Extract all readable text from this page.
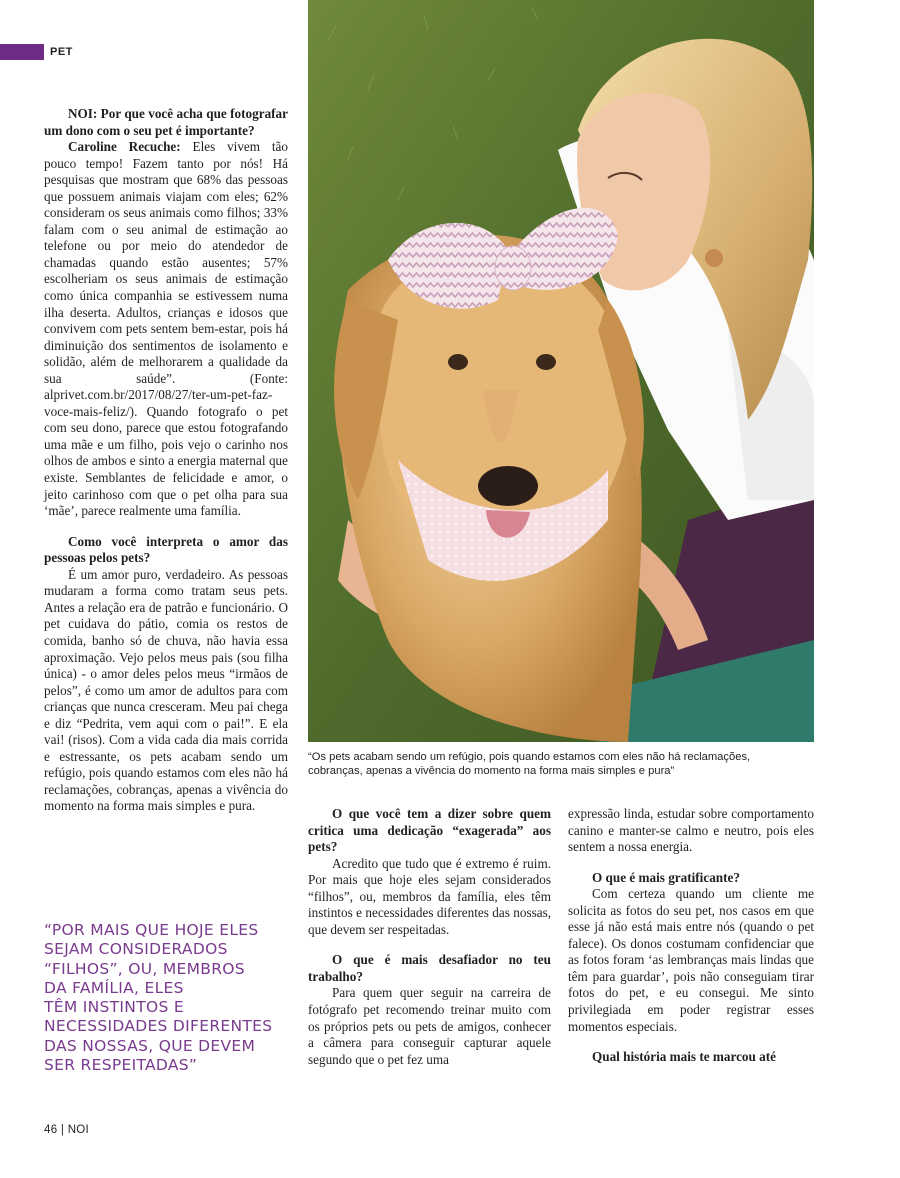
PET

NOI: Por que você acha que fotografar um dono com o seu pet é importante?

Caroline Recuche: Eles vivem tão pouco tempo! Fazem tanto por nós! Há pesquisas que mostram que 68% das pessoas que possuem animais viajam com eles; 62% consideram os seus animais como filhos; 33% falam com o seu animal de estimação ao telefone ou por meio do atendedor de chamadas quando estão ausentes; 57% escolheriam os seus animais de estimação como única companhia se estivessem numa ilha deserta. Adultos, crianças e idosos que convivem com pets sentem bem-estar, pois há diminuição dos sentimentos de isolamento e solidão, além de melhorarem a qualidade da sua saúde”. (Fonte: alprivet.com.br/2017/08/27/ter-um-pet-faz-voce-mais-feliz/). Quando fotografo o pet com seu dono, parece que estou fotografando uma mãe e um filho, pois vejo o carinho nos olhos de ambos e sinto a energia maternal que existe. Semblantes de felicidade e amor, o jeito carinhoso com que o pet olha para sua ‘mãe’, parece realmente uma família.

Como você interpreta o amor das pessoas pelos pets?

É um amor puro, verdadeiro. As pessoas mudaram a forma como tratam seus pets. Antes a relação era de patrão e funcionário. O pet cuidava do pátio, comia os restos de comida, banho só de chuva, não havia essa aproximação. Vejo pelos meus pais (sou filha única) - o amor deles pelos meus “irmãos de pelos”, é como um amor de adultos para com crianças que nunca cresceram. Meu pai chega e diz “Pedrita, vem aqui com o pai!”. E ela vai! (risos). Com a vida cada dia mais corrida e estressante, os pets acabam sendo um refúgio, pois quando estamos com eles não há reclamações, cobranças, apenas a vivência do momento na forma mais simples e pura.

“POR MAIS QUE HOJE ELES
SEJAM CONSIDERADOS
“FILHOS”, OU, MEMBROS
DA FAMÍLIA, ELES
TÊM INSTINTOS E
NECESSIDADES DIFERENTES
DAS NOSSAS, QUE DEVEM
SER RESPEITADAS”
“Os pets acabam sendo um refúgio, pois quando estamos com eles não há reclamações,
cobranças, apenas a vivência do momento na forma mais simples e pura”

O que você tem a dizer sobre quem critica uma dedicação “exagerada” aos pets?

Acredito que tudo que é extremo é ruim. Por mais que hoje eles sejam considerados “filhos”, ou, membros da família, eles têm instintos e necessidades diferentes das nossas, que devem ser respeitadas.

O que é mais desafiador no teu trabalho?

Para quem quer seguir na carreira de fotógrafo pet recomendo treinar muito com os próprios pets ou pets de amigos, conhecer a câmera para conseguir capturar aquele segundo que o pet fez uma

expressão linda, estudar sobre comportamento canino e manter-se calmo e neutro, pois eles sentem a nossa energia.

O que é mais gratificante?

Com certeza quando um cliente me solicita as fotos do seu pet, nos casos em que esse já não está mais entre nós (quando o pet falece). Os donos costumam confidenciar que as fotos foram ‘as lembranças mais lindas que têm para guardar’, pois não conseguiam tirar fotos do pet, e eu consegui. Me sinto privilegiada em poder registrar esses momentos especiais.

Qual história mais te marcou até

46 | NOI
